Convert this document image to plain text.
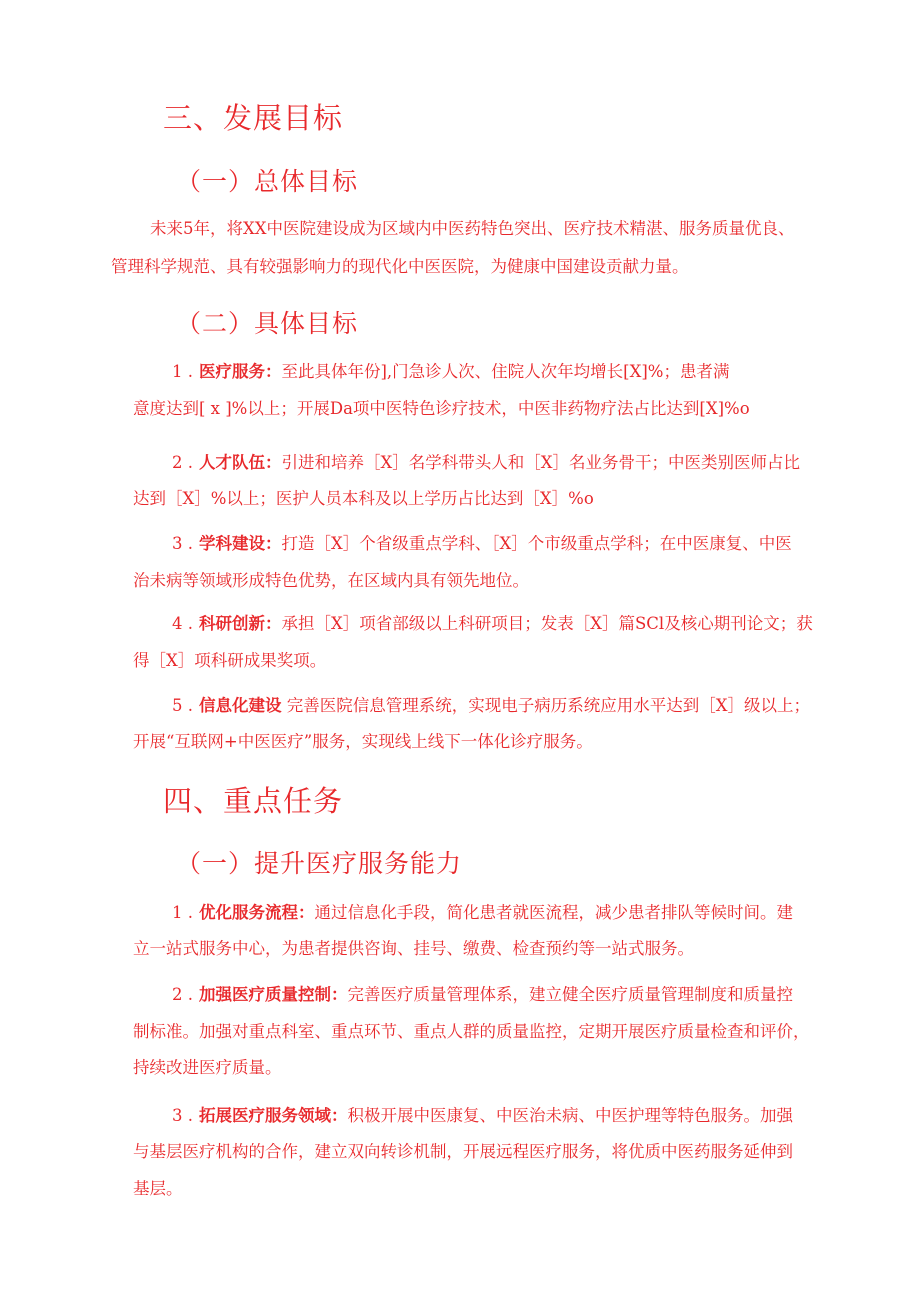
三、发展目标
（一）总体目标
未来5年，将XX中医院建设成为区域内中医药特色突出、医疗技术精湛、服务质量优良、
管理科学规范、具有较强影响力的现代化中医医院，为健康中国建设贡献力量。
（二）具体目标
1 . 医疗服务：至此具体年份],门急诊人次、住院人次年均增长[X]%；患者满
意度达到[ x ]%以上；开展Da项中医特色诊疗技术，中医非药物疗法占比达到[X]%o
2 . 人才队伍：引进和培养［X］名学科带头人和［X］名业务骨干；中医类别医师占比
达到［X］%以上；医护人员本科及以上学历占比达到［X］%o
3 . 学科建设：打造［X］个省级重点学科、［X］个市级重点学科；在中医康复、中医
治未病等领域形成特色优势，在区域内具有领先地位。
4 . 科研创新：承担［X］项省部级以上科研项目；发表［X］篇SCl及核心期刊论文；获
得［X］项科研成果奖项。
5 . 信息化建设 完善医院信息管理系统，实现电子病历系统应用水平达到［X］级以上；
开展“互联网+中医医疗”服务，实现线上线下一体化诊疗服务。
四、重点任务
（一）提升医疗服务能力
1 . 优化服务流程：通过信息化手段，简化患者就医流程，减少患者排队等候时间。建
立一站式服务中心，为患者提供咨询、挂号、缴费、检查预约等一站式服务。
2 . 加强医疗质量控制：完善医疗质量管理体系，建立健全医疗质量管理制度和质量控
制标准。加强对重点科室、重点环节、重点人群的质量监控，定期开展医疗质量检查和评价，
持续改进医疗质量。
3 . 拓展医疗服务领域：积极开展中医康复、中医治未病、中医护理等特色服务。加强
与基层医疗机构的合作，建立双向转诊机制，开展远程医疗服务，将优质中医药服务延伸到
基层。
